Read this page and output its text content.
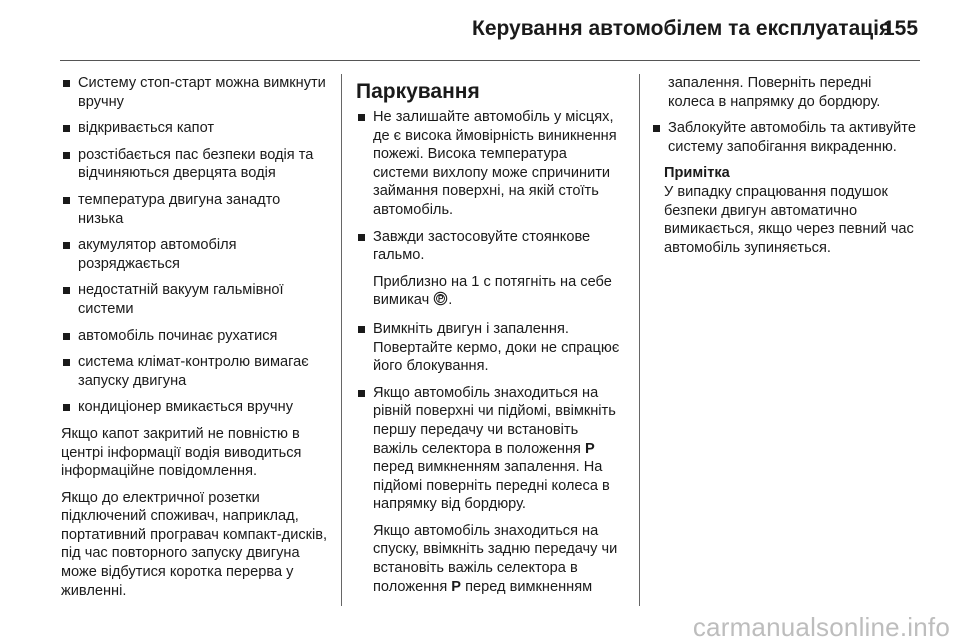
Керування автомобілем та експлуатація
155
Систему стоп-старт можна вимкнути вручну
відкривається капот
розстібається пас безпеки водія та відчиняються дверцята водія
температура двигуна занадто низька
акумулятор автомобіля розряджається
недостатній вакуум гальмівної системи
автомобіль починає рухатися
система клімат-контролю вимагає запуску двигуна
кондиціонер вмикається вручну

Якщо капот закритий не повністю в центрі інформації водія виводиться інформаційне повідомлення.

Якщо до електричної розетки підключений споживач, наприклад, портативний програвач компакт-дисків, під час повторного запуску двигуна може відбутися коротка перерва у живленні.

Паркування
Не залишайте автомобіль у місцях, де є висока ймовірність виникнення пожежі. Висока температура системи вихлопу може спричинити займання поверхні, на якій стоїть автомобіль.
Завжди застосовуйте стоянкове гальмо.

Приблизно на 1 с потягніть на себе вимикач .

Вимкніть двигун і запалення. Повертайте кермо, доки не спрацює його блокування.
Якщо автомобіль знаходиться на рівній поверхні чи підйомі, ввімкніть першу передачу чи встановіть важіль селектора в положення P перед вимкненням запалення. На підйомі поверніть передні колеса в напрямку від бордюру.

Якщо автомобіль знаходиться на спуску, ввімкніть задню передачу чи встановіть важіль селектора в положення P перед вимкненням

запалення. Поверніть передні колеса в напрямку до бордюру.

Заблокуйте автомобіль та активуйте систему запобігання викраденню.

Примітка

У випадку спрацювання подушок безпеки двигун автоматично вимикається, якщо через певний час автомобіль зупиняється.

carmanualsonline.info
